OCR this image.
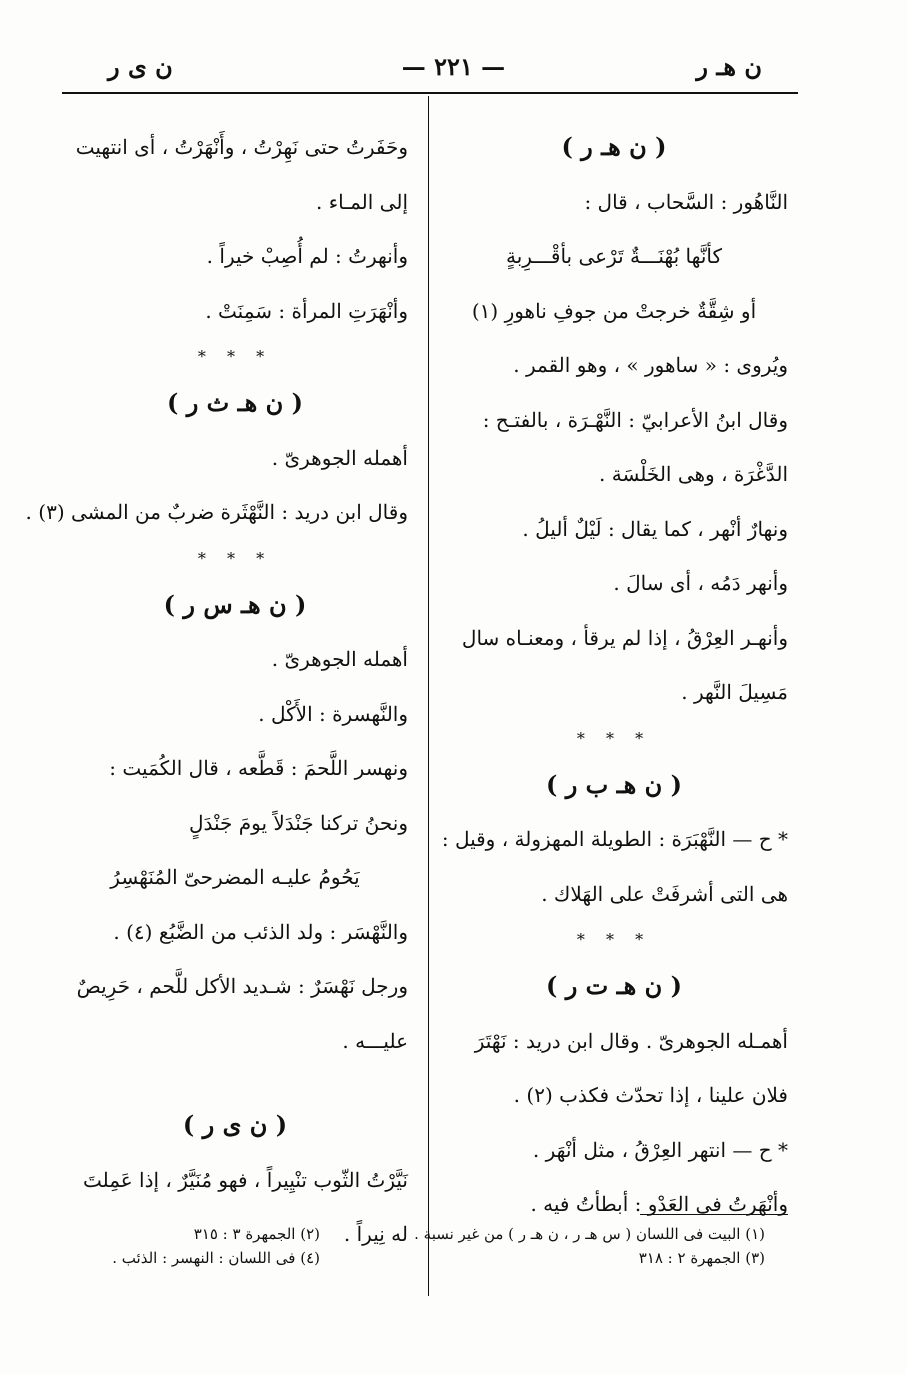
ن هـ ر
— ٢٢١ —
ن ى ر
( ن هـ ر )
النَّاهُور : السَّحاب ، قال :
كأنَّها بُهْنَـــةٌ تَرْعى بأقْـــرِبةٍ
أو شِقَّةٌ خرجتْ من جوفِ ناهورِ (١)
ويُروى : « ساهور » ، وهو القمر .
وقال ابنُ الأعرابيّ : النَّهْـرَة ، بالفتـح :
الدَّغْرَة ، وهى الخَلْسَة .
ونهارٌ أنْهر ، كما يقال : لَيْلٌ أليلُ .
وأنهر دَمُه ، أى سالَ .
وأنهـر العِرْقُ ، إذا لم يرقأ ، ومعنـاه سال
مَسِيلَ النَّهر .
* * *
( ن هـ ب ر )
* ح — النَّهْبَرَة : الطويلة المهزولة ، وقيل :
هى التى أشرفَتْ على الهَلاك .
* * *
( ن هـ ت ر )
أهمـله الجوهرىّ . وقال ابن دريد : نَهْتَرَ
فلان علينا ، إذا تحدّث فكذب (٢) .
* ح — انتهر العِرْقُ ، مثل أنْهَر .
وأنْهَرتُ فى العَدْو : أبطأتُ فيه .
وحَفَرتُ حتى نَهِرْتُ ، وأَنْهَرْتُ ، أى انتهيت
إلى المـاء .
وأنهرتُ : لم أُصِبْ خيراً .
وأنْهَرَتِ المرأة : سَمِنَتْ .
* * *
( ن هـ ث ر )
أهمله الجوهرىّ .
وقال ابن دريد : النَّهْثَرة ضربٌ من المشى (٣) .
* * *
( ن هـ س ر )
أهمله الجوهرىّ .
والنَّهسرة : الأَكْل .
ونهسر اللَّحمَ : قَطَّعه ، قال الكُمَيت :
ونحنُ تركنا جَنْدَلاً يومَ جَنْدَلٍ
يَحُومُ عليـه المضرحىّ المُنَهْسِرُ
والنَّهْسَر : ولد الذئب من الضَّبُع (٤) .
ورجل نَهْسَرٌ : شـديد الأكل للَّحم ، حَرِيصٌ
عليـــه .
( ن ى ر )
نَيَّرْتُ الثّوب تنْيِيراً ، فهو مُنَيَّرٌ ، إذا عَمِلتَ
له نِيراً . (١) البيت فى اللسان ( س هـ ر ، ن هـ ر ) من غير نسبة .
(٣) الجمهرة ٢ : ٣١٨
(٢) الجمهرة ٣ : ٣١٥
(٤) فى اللسان : النهسر : الذئب .
